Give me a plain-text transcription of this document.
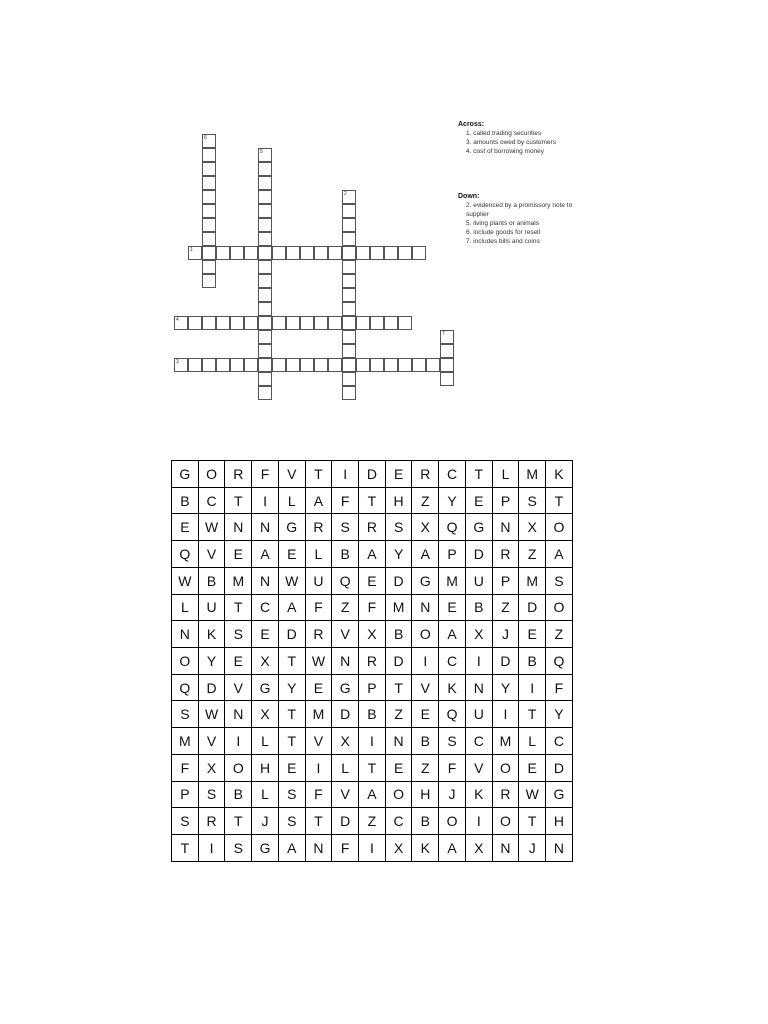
6
5
2
1
4
7
3
Across:
1. called trading securities
3. amounts owed by customers
4. cost of borrowing money
Down:
2. evidenced by a promissory note to supplier
5. living plants or animals
6. include goods for resell
7. includes bills and coins
G	O	R	F	V	T	I	D	E	R	C	T	L	M	K
B	C	T	I	L	A	F	T	H	Z	Y	E	P	S	T
E	W	N	N	G	R	S	R	S	X	Q	G	N	X	O
Q	V	E	A	E	L	B	A	Y	A	P	D	R	Z	A
W	B	M	N	W	U	Q	E	D	G	M	U	P	M	S
L	U	T	C	A	F	Z	F	M	N	E	B	Z	D	O
N	K	S	E	D	R	V	X	B	O	A	X	J	E	Z
O	Y	E	X	T	W	N	R	D	I	C	I	D	B	Q
Q	D	V	G	Y	E	G	P	T	V	K	N	Y	I	F
S	W	N	X	T	M	D	B	Z	E	Q	U	I	T	Y
M	V	I	L	T	V	X	I	N	B	S	C	M	L	C
F	X	O	H	E	I	L	T	E	Z	F	V	O	E	D
P	S	B	L	S	F	V	A	O	H	J	K	R	W	G
S	R	T	J	S	T	D	Z	C	B	O	I	O	T	H
T	I	S	G	A	N	F	I	X	K	A	X	N	J	N
